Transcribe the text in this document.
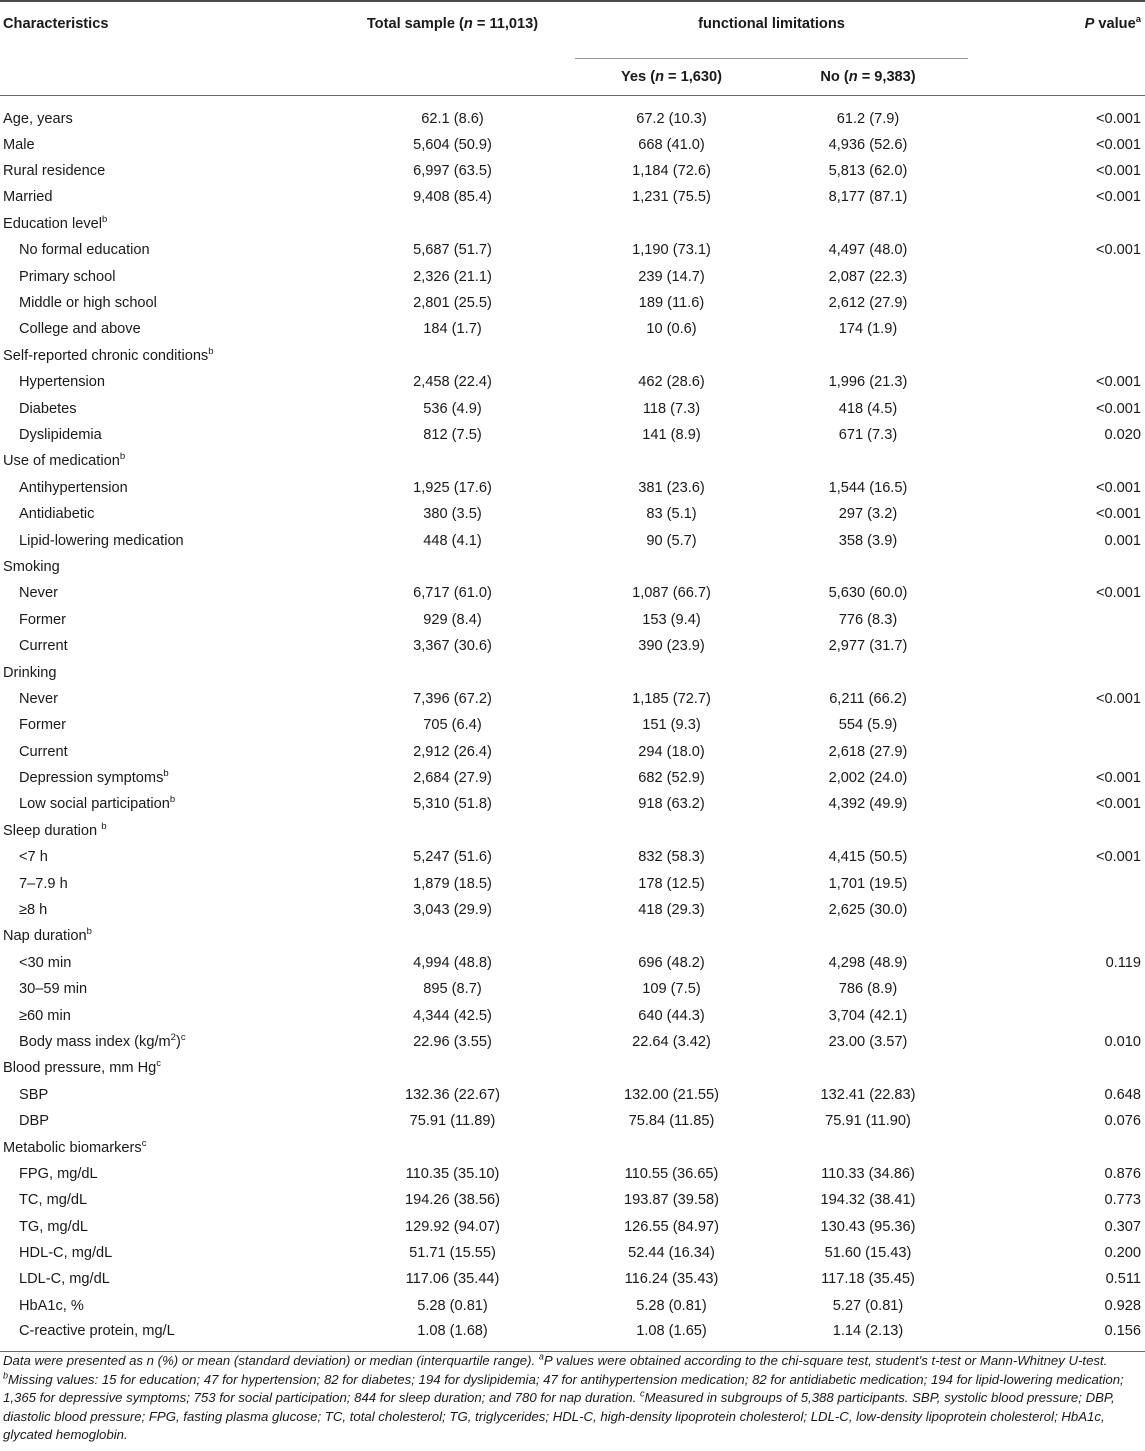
Characteristics	Total sample (n = 11,013)	functional limitations		P value$^a$
		Yes (n = 1,630)	No (n = 9,383)	
Age, years	62.1 (8.6)	67.2 (10.3)	61.2 (7.9)	<0.001
Male	5,604 (50.9)	668 (41.0)	4,936 (52.6)	<0.001
Rural residence	6,997 (63.5)	1,184 (72.6)	5,813 (62.0)	<0.001
Married	9,408 (85.4)	1,231 (75.5)	8,177 (87.1)	<0.001
Education level$^b$				
No formal education	5,687 (51.7)	1,190 (73.1)	4,497 (48.0)	<0.001
Primary school	2,326 (21.1)	239 (14.7)	2,087 (22.3)	
Middle or high school	2,801 (25.5)	189 (11.6)	2,612 (27.9)	
College and above	184 (1.7)	10 (0.6)	174 (1.9)	
Self-reported chronic conditions$^b$				
Hypertension	2,458 (22.4)	462 (28.6)	1,996 (21.3)	<0.001
Diabetes	536 (4.9)	118 (7.3)	418 (4.5)	<0.001
Dyslipidemia	812 (7.5)	141 (8.9)	671 (7.3)	0.020
Use of medication$^b$				
Antihypertension	1,925 (17.6)	381 (23.6)	1,544 (16.5)	<0.001
Antidiabetic	380 (3.5)	83 (5.1)	297 (3.2)	<0.001
Lipid-lowering medication	448 (4.1)	90 (5.7)	358 (3.9)	0.001
Smoking				
Never	6,717 (61.0)	1,087 (66.7)	5,630 (60.0)	<0.001
Former	929 (8.4)	153 (9.4)	776 (8.3)	
Current	3,367 (30.6)	390 (23.9)	2,977 (31.7)	
Drinking				
Never	7,396 (67.2)	1,185 (72.7)	6,211 (66.2)	<0.001
Former	705 (6.4)	151 (9.3)	554 (5.9)	
Current	2,912 (26.4)	294 (18.0)	2,618 (27.9)	
Depression symptoms$^b$	2,684 (27.9)	682 (52.9)	2,002 (24.0)	<0.001
Low social participation$^b$	5,310 (51.8)	918 (63.2)	4,392 (49.9)	<0.001
Sleep duration $^b$				
<7 h	5,247 (51.6)	832 (58.3)	4,415 (50.5)	<0.001
7–7.9 h	1,879 (18.5)	178 (12.5)	1,701 (19.5)	
≥8 h	3,043 (29.9)	418 (29.3)	2,625 (30.0)	
Nap duration$^b$				
<30 min	4,994 (48.8)	696 (48.2)	4,298 (48.9)	0.119
30–59 min	895 (8.7)	109 (7.5)	786 (8.9)	
≥60 min	4,344 (42.5)	640 (44.3)	3,704 (42.1)	
Body mass index $(kg/m^2)^c$	22.96 (3.55)	22.64 (3.42)	23.00 (3.57)	0.010
Blood pressure, mm Hg$^c$				
SBP	132.36 (22.67)	132.00 (21.55)	132.41 (22.83)	0.648
DBP	75.91 (11.89)	75.84 (11.85)	75.91 (11.90)	0.076
Metabolic biomarkers$^c$				
FPG, mg/dL	110.35 (35.10)	110.55 (36.65)	110.33 (34.86)	0.876
TC, mg/dL	194.26 (38.56)	193.87 (39.58)	194.32 (38.41)	0.773
TG, mg/dL	129.92 (94.07)	126.55 (84.97)	130.43 (95.36)	0.307
HDL-C, mg/dL	51.71 (15.55)	52.44 (16.34)	51.60 (15.43)	0.200
LDL-C, mg/dL	117.06 (35.44)	116.24 (35.43)	117.18 (35.45)	0.511
HbA1c, %	5.28 (0.81)	5.28 (0.81)	5.27 (0.81)	0.928
C-reactive protein, mg/L	1.08 (1.68)	1.08 (1.65)	1.14 (2.13)	0.156
Data were presented as n (%) or mean (standard deviation) or median (interquartile range). $^a$P values were obtained according to the chi-square test, student's t-test or Mann-Whitney U-test. $^b$Missing values: 15 for education; 47 for hypertension; 82 for diabetes; 194 for dyslipidemia; 47 for antihypertension medication; 82 for antidiabetic medication; 194 for lipid-lowering medication; 1,365 for depressive symptoms; 753 for social participation; 844 for sleep duration; and 780 for nap duration. $^c$Measured in subgroups of 5,388 participants. SBP, systolic blood pressure; DBP, diastolic blood pressure; FPG, fasting plasma glucose; TC, total cholesterol; TG, triglycerides; HDL-C, high-density lipoprotein cholesterol; LDL-C, low-density lipoprotein cholesterol; HbA1c, glycated hemoglobin.
